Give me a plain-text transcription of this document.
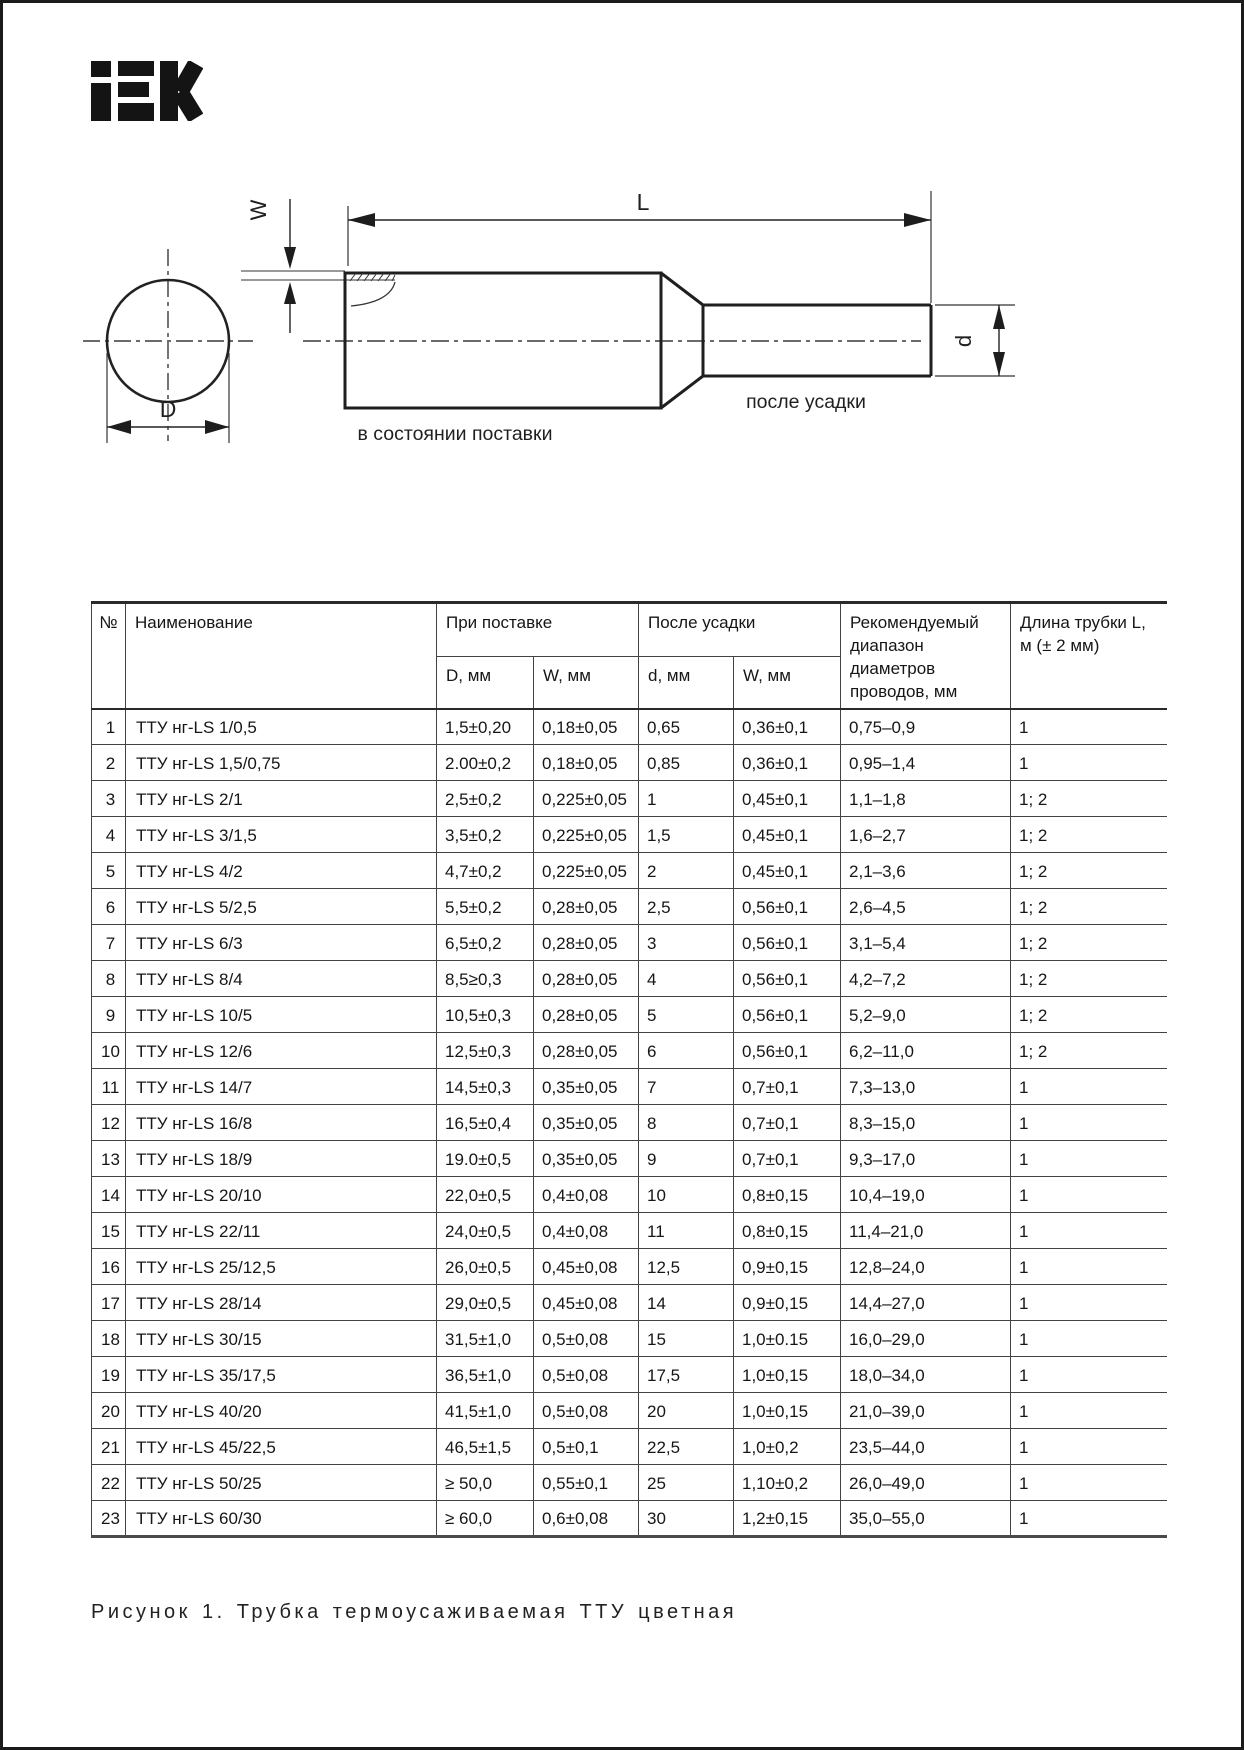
D
W	L
d
в состоянии поставки
после усадки
№	Наименование	При поставке		После усадки		Рекомендуемый диапазон диаметров проводов, мм	Длина трубки L, м (± 2 мм)
		D, мм	W, мм	d, мм	W, мм		
1	ТТУ нг-LS 1/0,5	1,5±0,20	0,18±0,05	0,65	0,36±0,1	0,75–0,9	1
2	ТТУ нг-LS 1,5/0,75	2.00±0,2	0,18±0,05	0,85	0,36±0,1	0,95–1,4	1
3	ТТУ нг-LS 2/1	2,5±0,2	0,225±0,05	1	0,45±0,1	1,1–1,8	1; 2
4	ТТУ нг-LS 3/1,5	3,5±0,2	0,225±0,05	1,5	0,45±0,1	1,6–2,7	1; 2
5	ТТУ нг-LS 4/2	4,7±0,2	0,225±0,05	2	0,45±0,1	2,1–3,6	1; 2
6	ТТУ нг-LS 5/2,5	5,5±0,2	0,28±0,05	2,5	0,56±0,1	2,6–4,5	1; 2
7	ТТУ нг-LS 6/3	6,5±0,2	0,28±0,05	3	0,56±0,1	3,1–5,4	1; 2
8	ТТУ нг-LS 8/4	8,5≥0,3	0,28±0,05	4	0,56±0,1	4,2–7,2	1; 2
9	ТТУ нг-LS 10/5	10,5±0,3	0,28±0,05	5	0,56±0,1	5,2–9,0	1; 2
10	ТТУ нг-LS 12/6	12,5±0,3	0,28±0,05	6	0,56±0,1	6,2–11,0	1; 2
11	ТТУ нг-LS 14/7	14,5±0,3	0,35±0,05	7	0,7±0,1	7,3–13,0	1
12	ТТУ нг-LS 16/8	16,5±0,4	0,35±0,05	8	0,7±0,1	8,3–15,0	1
13	ТТУ нг-LS 18/9	19.0±0,5	0,35±0,05	9	0,7±0,1	9,3–17,0	1
14	ТТУ нг-LS 20/10	22,0±0,5	0,4±0,08	10	0,8±0,15	10,4–19,0	1
15	ТТУ нг-LS 22/11	24,0±0,5	0,4±0,08	11	0,8±0,15	11,4–21,0	1
16	ТТУ нг-LS 25/12,5	26,0±0,5	0,45±0,08	12,5	0,9±0,15	12,8–24,0	1
17	ТТУ нг-LS 28/14	29,0±0,5	0,45±0,08	14	0,9±0,15	14,4–27,0	1
18	ТТУ нг-LS 30/15	31,5±1,0	0,5±0,08	15	1,0±0.15	16,0–29,0	1
19	ТТУ нг-LS 35/17,5	36,5±1,0	0,5±0,08	17,5	1,0±0,15	18,0–34,0	1
20	ТТУ нг-LS 40/20	41,5±1,0	0,5±0,08	20	1,0±0,15	21,0–39,0	1
21	ТТУ нг-LS 45/22,5	46,5±1,5	0,5±0,1	22,5	1,0±0,2	23,5–44,0	1
22	ТТУ нг-LS 50/25	≥ 50,0	0,55±0,1	25	1,10±0,2	26,0–49,0	1
23	ТТУ нг-LS 60/30	≥ 60,0	0,6±0,08	30	1,2±0,15	35,0–55,0	1
Рисунок 1. Трубка термоусаживаемая ТТУ цветная
